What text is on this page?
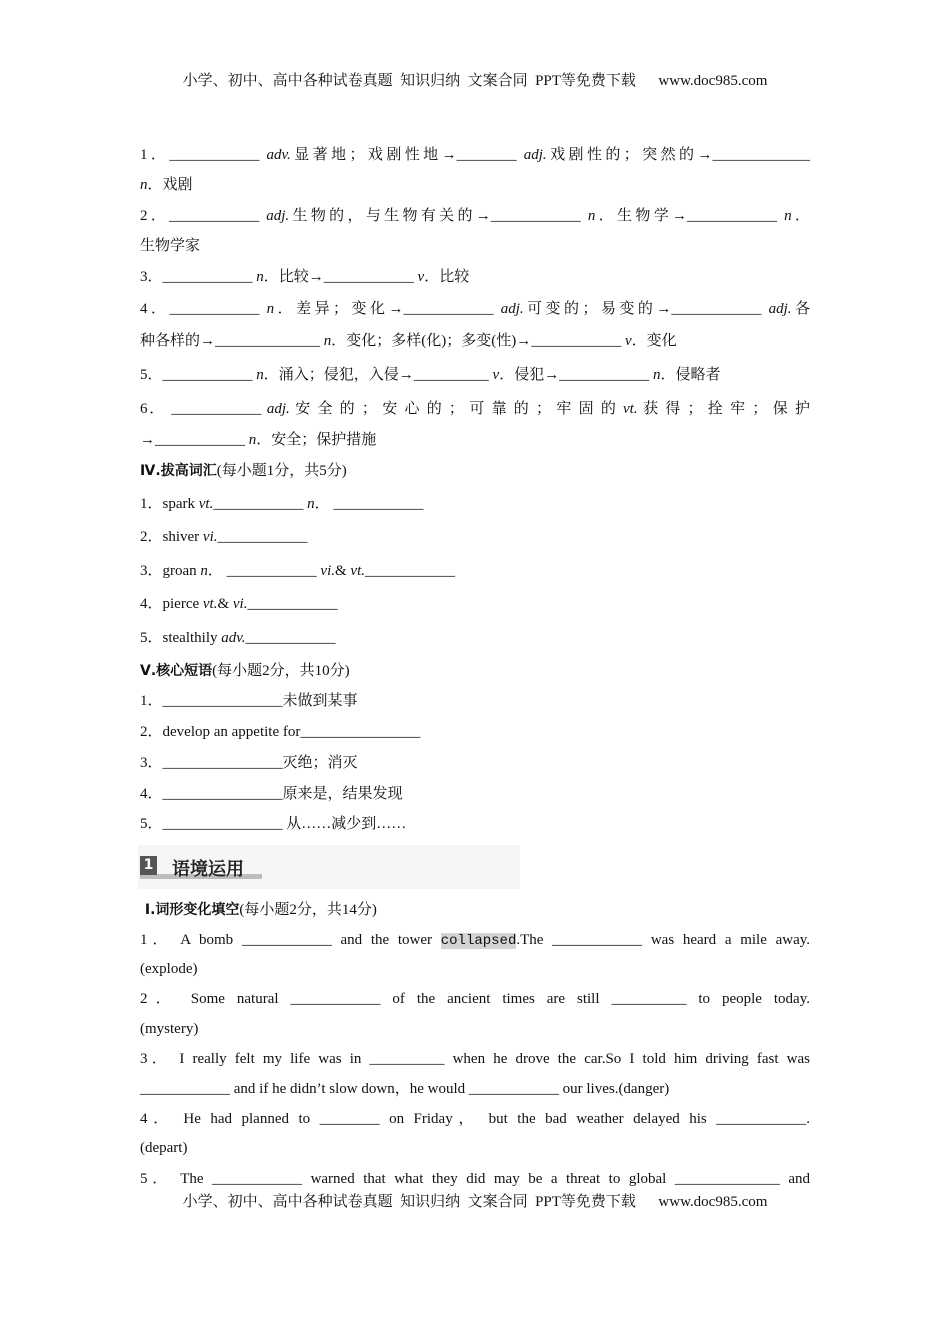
小学、初中、高中各种试卷真题  知识归纳  文案合同  PPT等免费下载      www.doc985.com
1 语境运用
1．____________ adv.显著地；戏剧性地→________ adj.戏剧性的；突然的→_____________
n．戏剧
2．____________ adj.生物的，与生物有关的→____________ n．生物学→____________ n．
生物学家
3．____________ n．比较→____________ v．比较
4．____________ n．差异；变化→____________ adj.可变的；易变的→____________ adj.各
种各样的→______________ n．变化；多样(化)；多变(性)→____________ v．变化
5．____________ n．涌入；侵犯，入侵→__________ v．侵犯→____________ n．侵略者
6． ____________ adj. 安 全 的 ； 安 心 的 ； 可 靠 的 ； 牢 固 的 vt. 获 得 ； 拴 牢 ； 保 护
→____________ n．安全；保护措施
Ⅳ.拔高词汇(每小题1分，共5分)
1．spark vt.____________ n． ____________
2．shiver vi.____________
3．groan n． ____________ vi.& vt.____________
4．pierce vt.& vi.____________
5．stealthily adv.____________
Ⅴ.核心短语(每小题2分，共10分)
1．________________未做到某事
2．develop an appetite for________________
3．________________灭绝；消灭
4．________________原来是，结果发现
5．________________ 从……减少到……
Ⅰ.词形变化填空(每小题2分，共14分)
1． A bomb ____________ and the tower collapsed.The ____________ was heard a mile away.
(explode)
2． Some natural ____________ of the ancient times are still __________ to people today.
(mystery)
3． I really felt my life was in __________ when he drove the car.So I told him driving fast was
____________ and if he didn’t slow down，he would ____________ our lives.(danger)
4． He had planned to ________ on Friday， but the bad weather delayed his ____________.
(depart)
5． The ____________ warned that what they did may be a threat to global ______________ and
小学、初中、高中各种试卷真题  知识归纳  文案合同  PPT等免费下载      www.doc985.com
